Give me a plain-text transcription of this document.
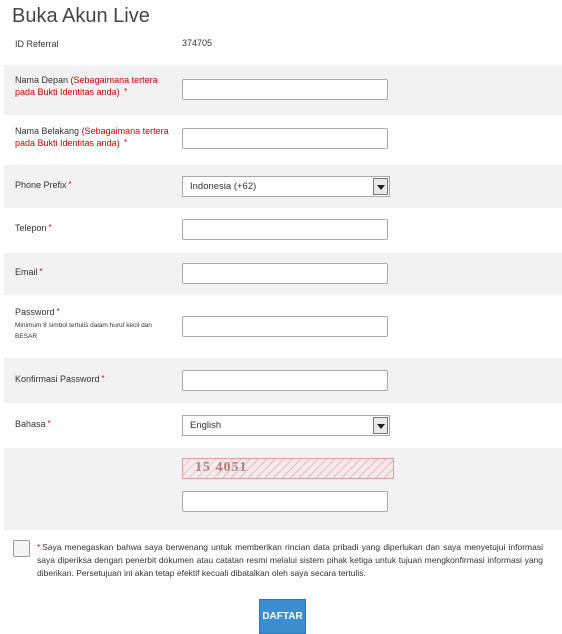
Buka Akun Live
ID Referral	374705
Nama Depan (Sebagaimana tertera pada Bukti Identitas anda) *
Nama Belakang (Sebagaimana tertera pada Bukti Identitas anda) *
Phone Prefix *	Indonesia (+62)
Telepon *
Email *
Password *
Minimum 8 simbol tertulis dalam huruf kecil dan BESAR
Konfirmasi Password *
Bahasa *	English
15 4051
* Saya menegaskan bahwa saya berwenang untuk memberikan rincian data pribadi yang diperlukan dan saya menyetujui informasi saya diperiksa dengan penerbit dokumen atau catatan resmi melalui sistem pihak ketiga untuk tujuan mengkonfirmasi informasi yang diberikan. Persetujuan ini akan tetap efektif kecuali dibatalkan oleh saya secara tertulis.
DAFTAR
